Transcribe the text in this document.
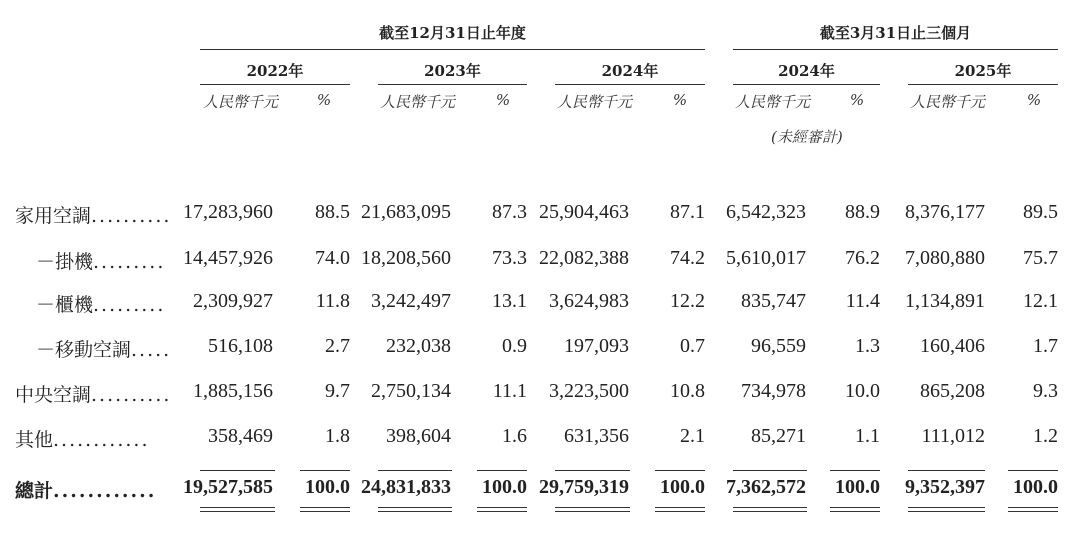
截至12月31日止年度	截至3月31日止三個月
2022年	2023年	2024年	2024年	2025年
人民幣千元	%	人民幣千元	%	人民幣千元	%	人民幣千元	%	人民幣千元	%
(未經審計)
家用空調.......... 17,283,960	88.5 21,683,095	87.3 25,904,463	87.1	6,542,323	88.9	8,376,177	89.5
－掛機......... 14,457,926	74.0 18,208,560	73.3 22,082,388	74.2	5,610,017	76.2	7,080,880	75.7
－櫃機.........	2,309,927	11.8	3,242,497	13.1	3,624,983	12.2	835,747	11.4	1,134,891	12.1
－移動空調.....	516,108	2.7	232,038	0.9	197,093	0.7	96,559	1.3	160,406	1.7
中央空調..........	1,885,156	9.7	2,750,134	11.1	3,223,500	10.8	734,978	10.0	865,208	9.3
其他............	358,469	1.8	398,604	1.6	631,356	2.1	85,271	1.1	111,012	1.2
總計............	19,527,585	100.0 24,831,833	100.0 29,759,319	100.0	7,362,572	100.0	9,352,397	100.0
